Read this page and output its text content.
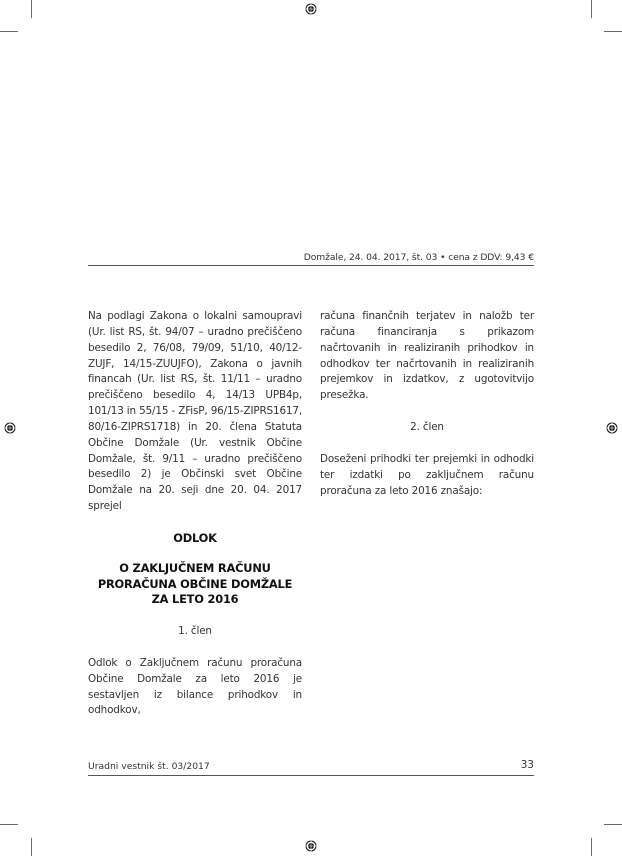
Domžale, 24. 04. 2017, št. 03 • cena z DDV: 9,43 €

Na podlagi Zakona o lokalni samoupravi (Ur. list RS, št. 94/07 – uradno prečiščeno besedilo 2, 76/08, 79/09, 51/10, 40/12-ZUJF, 14/15-ZUUJFO), Zakona o javnih financah (Ur. list RS, št. 11/11 – uradno prečiščeno besedilo 4, 14/13 UPB4p, 101/13 in 55/15 - ZFisP, 96/15-ZIPRS1617, 80/16-ZIPRS1718) in 20. člena Statuta Občine Domžale (Ur. vestnik Občine Domžale, št. 9/11 – uradno prečiščeno besedilo 2) je Občinski svet Občine Domžale na 20. seji dne 20. 04. 2017 sprejel

ODLOK
O ZAKLJUČNEM RAČUNU
PRORAČUNA OBČINE DOMŽALE
ZA LETO 2016

1. člen

Odlok o Zaključnem računu proračuna Občine Domžale za leto 2016 je sestavljen iz bilance prihodkov in odhodkov,

računa finančnih terjatev in naložb ter računa financiranja s prikazom načrtovanih in realiziranih prihodkov in odhodkov ter načrtovanih in realiziranih prejemkov in izdatkov, z ugotovitvijo presežka.

2. člen

Doseženi prihodki ter prejemki in odhodki ter izdatki po zaključnem računu proračuna za leto 2016 znašajo:

Uradni vestnik št. 03/2017	33
